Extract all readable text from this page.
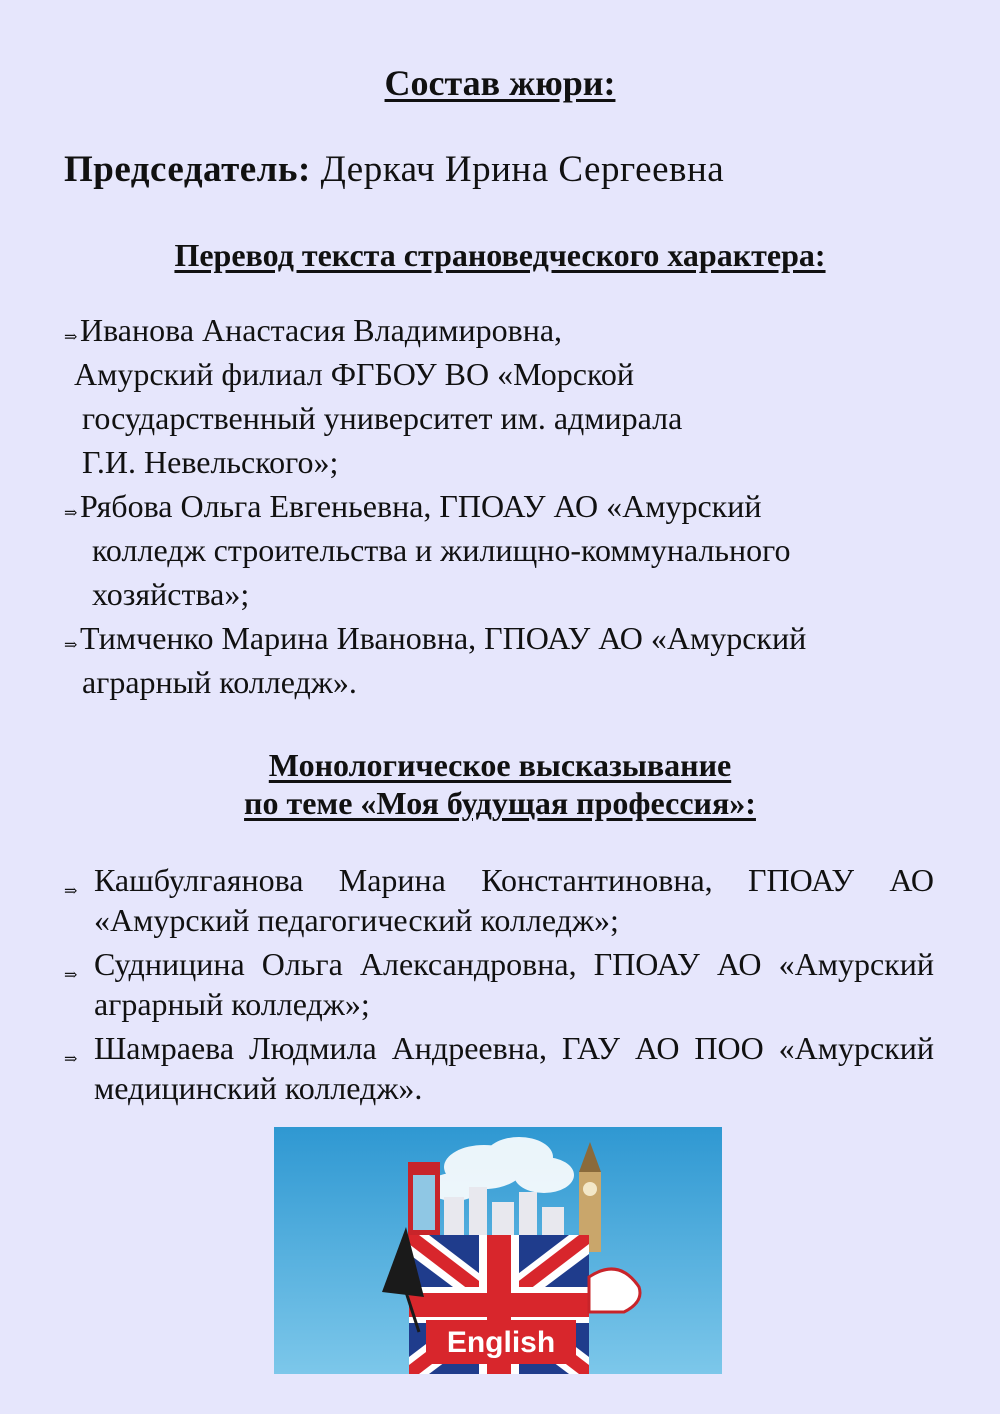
Состав жюри:
Председатель: Деркач Ирина Сергеевна
Перевод текста страноведческого характера:
⇒ Иванова Анастасия Владимировна,
Амурский филиал ФГБОУ ВО «Морской
государственный университет им. адмирала
Г.И. Невельского»;
⇒ Рябова Ольга Евгеньевна, ГПОАУ АО «Амурский
колледж строительства и жилищно-коммунального
хозяйства»;
⇒ Тимченко Марина Ивановна, ГПОАУ АО «Амурский
аграрный колледж».
Монологическое высказывание
по теме «Моя будущая профессия»:
⇒ Кашбулгаянова Марина Константиновна, ГПОАУ АО «Амурский педагогический колледж»;
⇒ Судницина Ольга Александровна, ГПОАУ АО «Амурский аграрный колледж»;
⇒ Шамраева Людмила Андреевна, ГАУ АО ПОО «Амурский медицинский колледж».
English
